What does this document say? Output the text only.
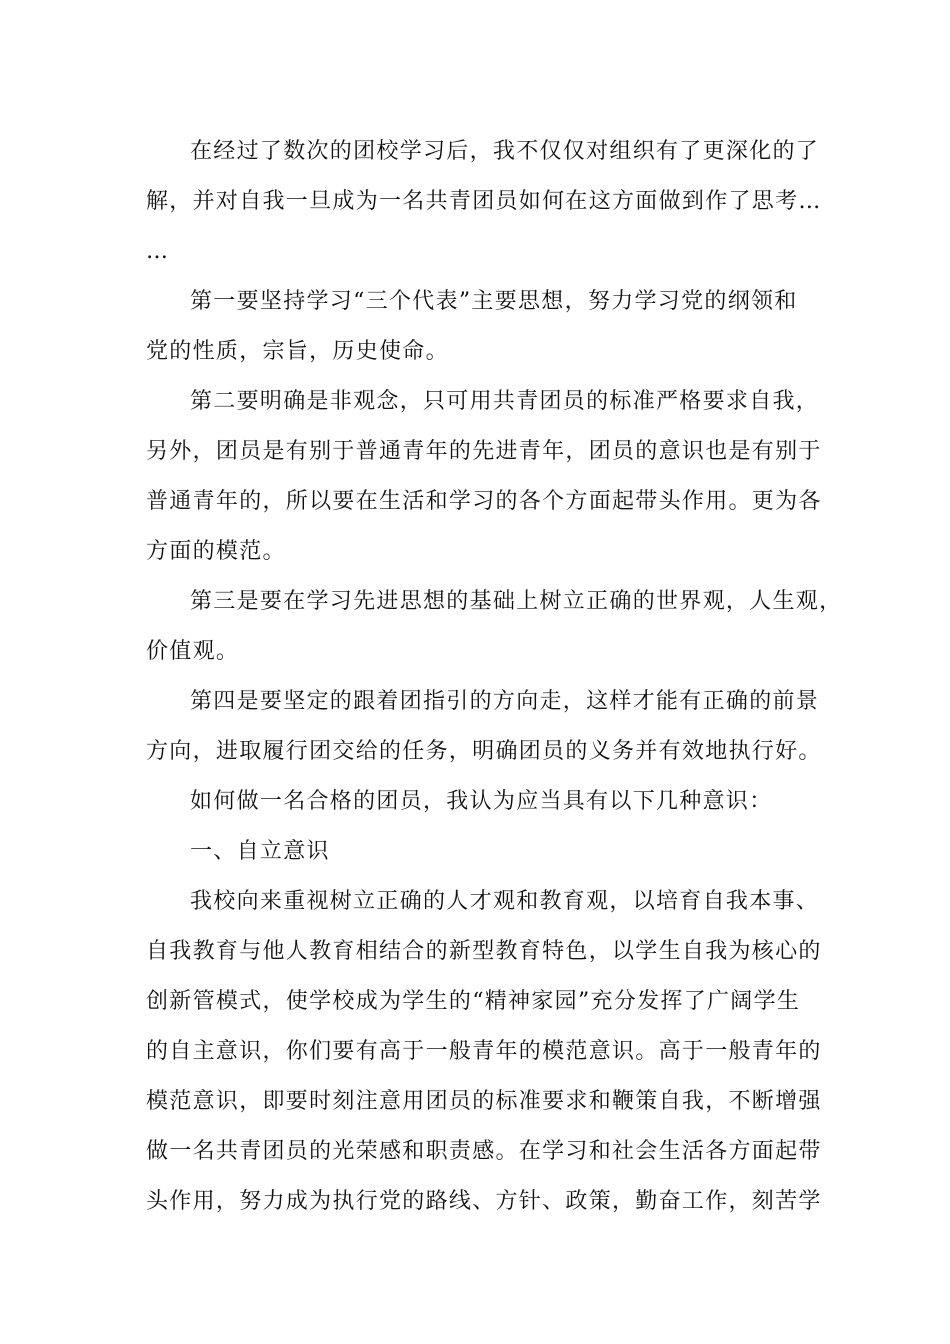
在经过了数次的团校学习后，我不仅仅对组织有了更深化的了
解，并对自我一旦成为一名共青团员如何在这方面做到作了思考…
…
第一要坚持学习“三个代表”主要思想，努力学习党的纲领和
党的性质，宗旨，历史使命。
第二要明确是非观念，只可用共青团员的标准严格要求自我，
另外，团员是有别于普通青年的先进青年，团员的意识也是有别于
普通青年的，所以要在生活和学习的各个方面起带头作用。更为各
方面的模范。
第三是要在学习先进思想的基础上树立正确的世界观，人生观，
价值观。
第四是要坚定的跟着团指引的方向走，这样才能有正确的前景
方向，进取履行团交给的任务，明确团员的义务并有效地执行好。
如何做一名合格的团员，我认为应当具有以下几种意识：
一、自立意识
我校向来重视树立正确的人才观和教育观，以培育自我本事、
自我教育与他人教育相结合的新型教育特色，以学生自我为核心的
创新管模式，使学校成为学生的“精神家园”充分发挥了广阔学生
的自主意识，你们要有高于一般青年的模范意识。高于一般青年的
模范意识，即要时刻注意用团员的标准要求和鞭策自我，不断增强
做一名共青团员的光荣感和职责感。在学习和社会生活各方面起带
头作用，努力成为执行党的路线、方针、政策，勤奋工作，刻苦学
